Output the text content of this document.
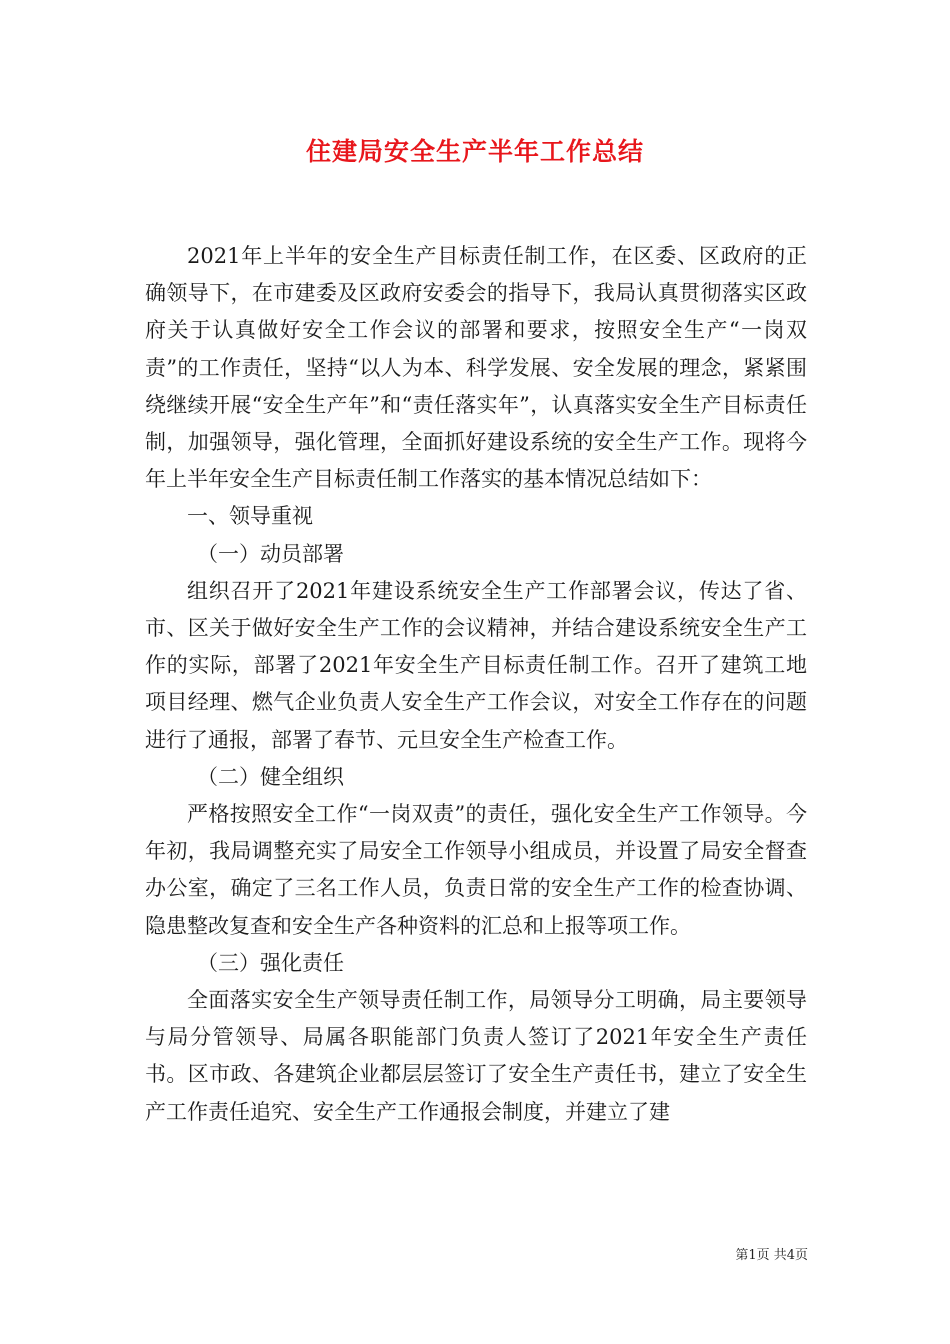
住建局安全生产半年工作总结

2021年上半年的安全生产目标责任制工作，在区委、区政府的正确领导下，在市建委及区政府安委会的指导下，我局认真贯彻落实区政府关于认真做好安全工作会议的部署和要求，按照安全生产“一岗双责”的工作责任，坚持“以人为本、科学发展、安全发展的理念，紧紧围绕继续开展“安全生产年”和“责任落实年”，认真落实安全生产目标责任制，加强领导，强化管理，全面抓好建设系统的安全生产工作。现将今年上半年安全生产目标责任制工作落实的基本情况总结如下：

一、领导重视

（一）动员部署

组织召开了2021年建设系统安全生产工作部署会议，传达了省、市、区关于做好安全生产工作的会议精神，并结合建设系统安全生产工作的实际，部署了2021年安全生产目标责任制工作。召开了建筑工地项目经理、燃气企业负责人安全生产工作会议，对安全工作存在的问题进行了通报，部署了春节、元旦安全生产检查工作。

（二）健全组织

严格按照安全工作“一岗双责”的责任，强化安全生产工作领导。今年初，我局调整充实了局安全工作领导小组成员，并设置了局安全督查办公室，确定了三名工作人员，负责日常的安全生产工作的检查协调、隐患整改复查和安全生产各种资料的汇总和上报等项工作。

（三）强化责任

全面落实安全生产领导责任制工作，局领导分工明确，局主要领导与局分管领导、局属各职能部门负责人签订了2021年安全生产责任书。区市政、各建筑企业都层层签订了安全生产责任书，建立了安全生产工作责任追究、安全生产工作通报会制度，并建立了建

第1页 共4页
